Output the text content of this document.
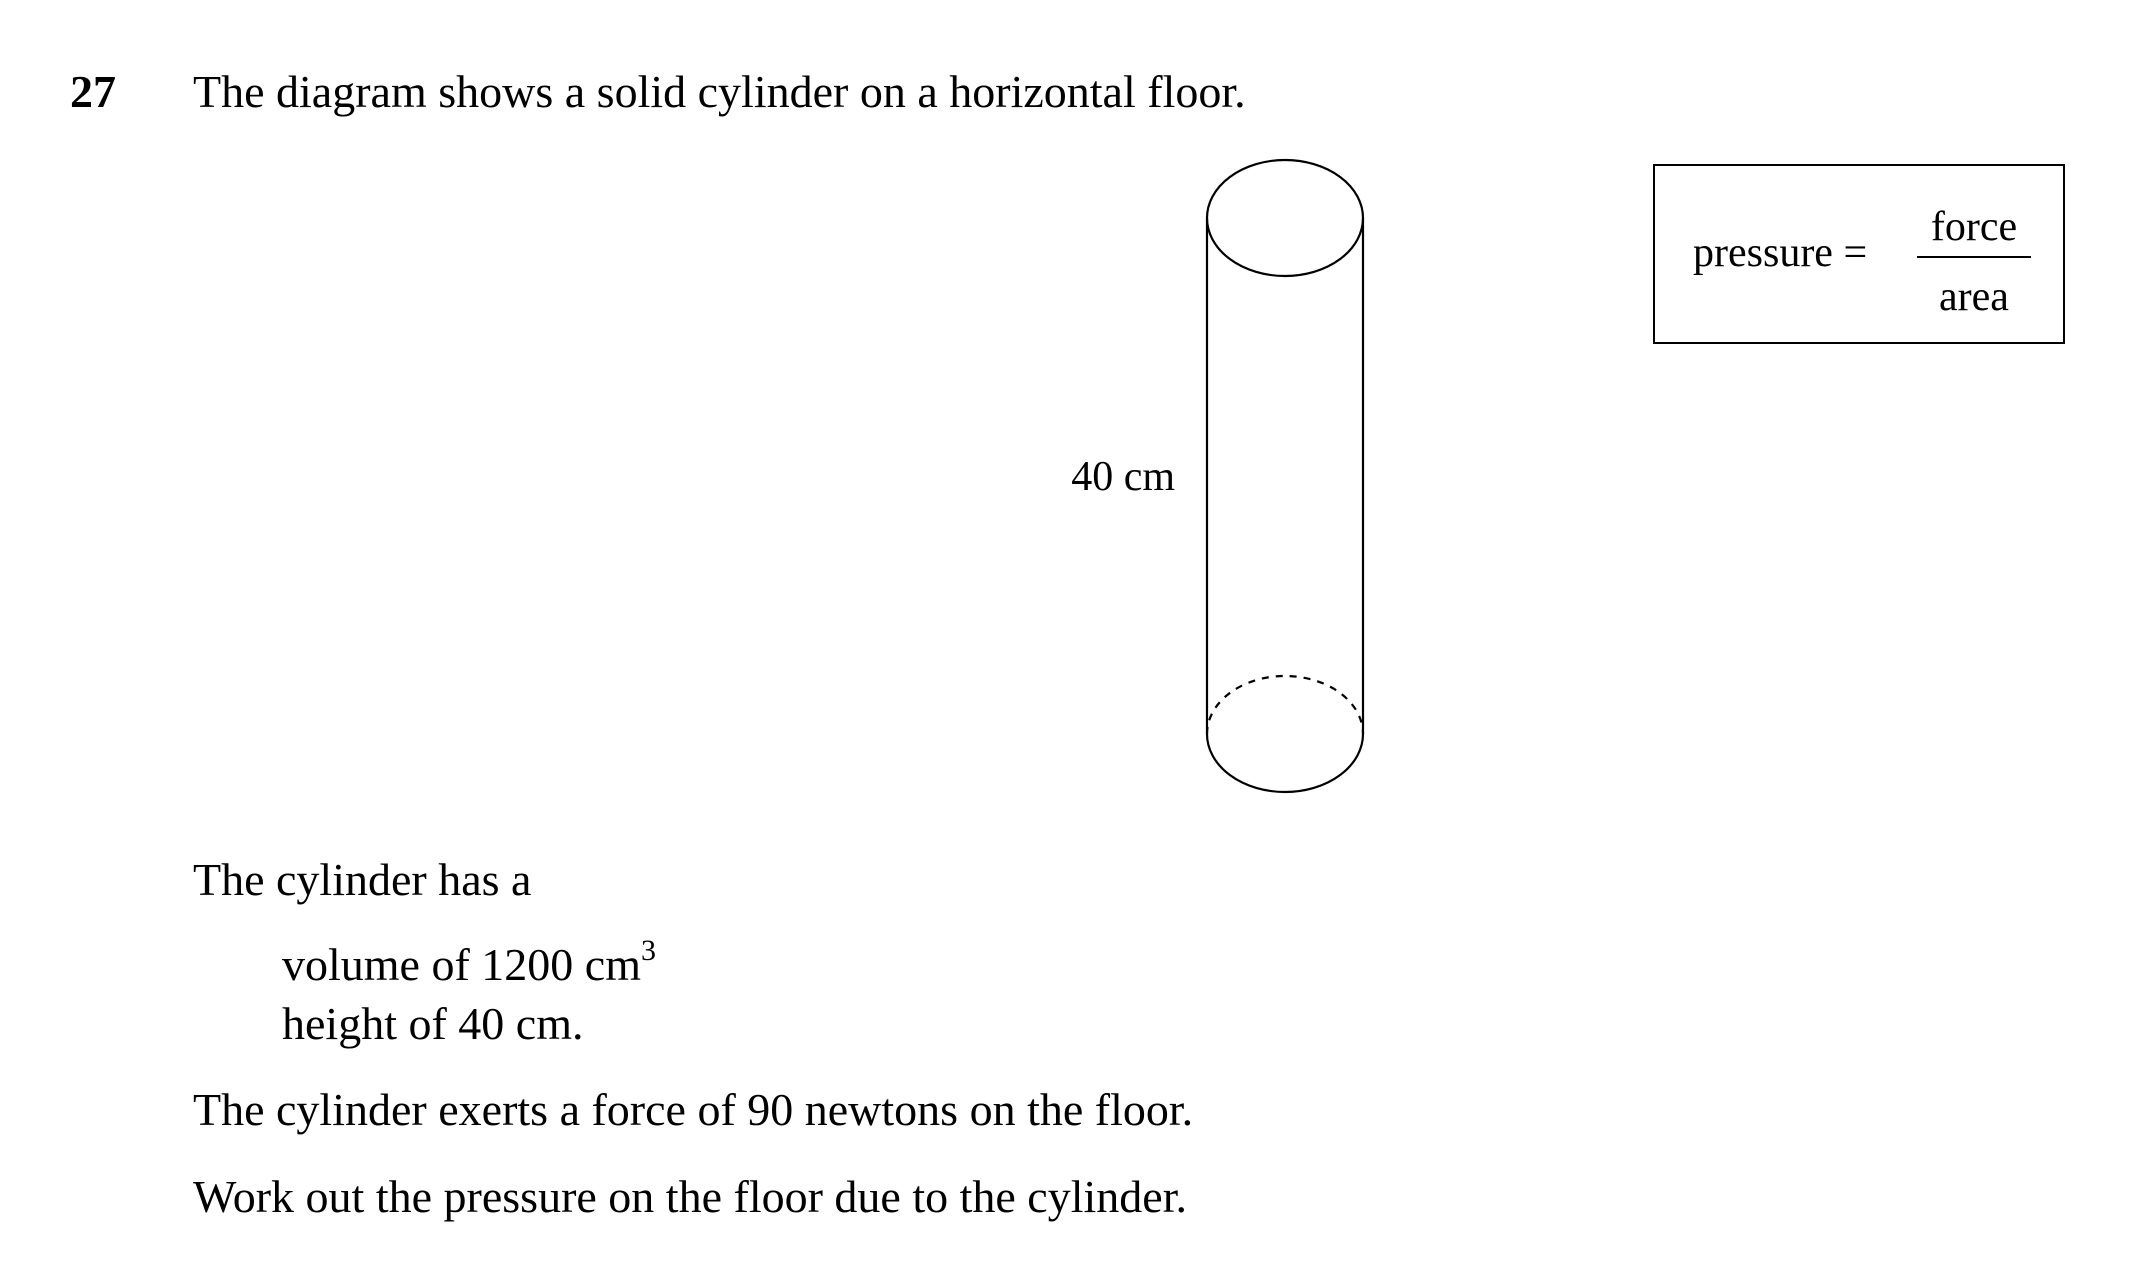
27 The diagram shows a solid cylinder on a horizontal floor.
40 cm
pressure =
force
area
The cylinder has a
volume of 1200 $cm^3$
height of 40 cm.
The cylinder exerts a force of 90 newtons on the floor.
Work out the pressure on the floor due to the cylinder.
